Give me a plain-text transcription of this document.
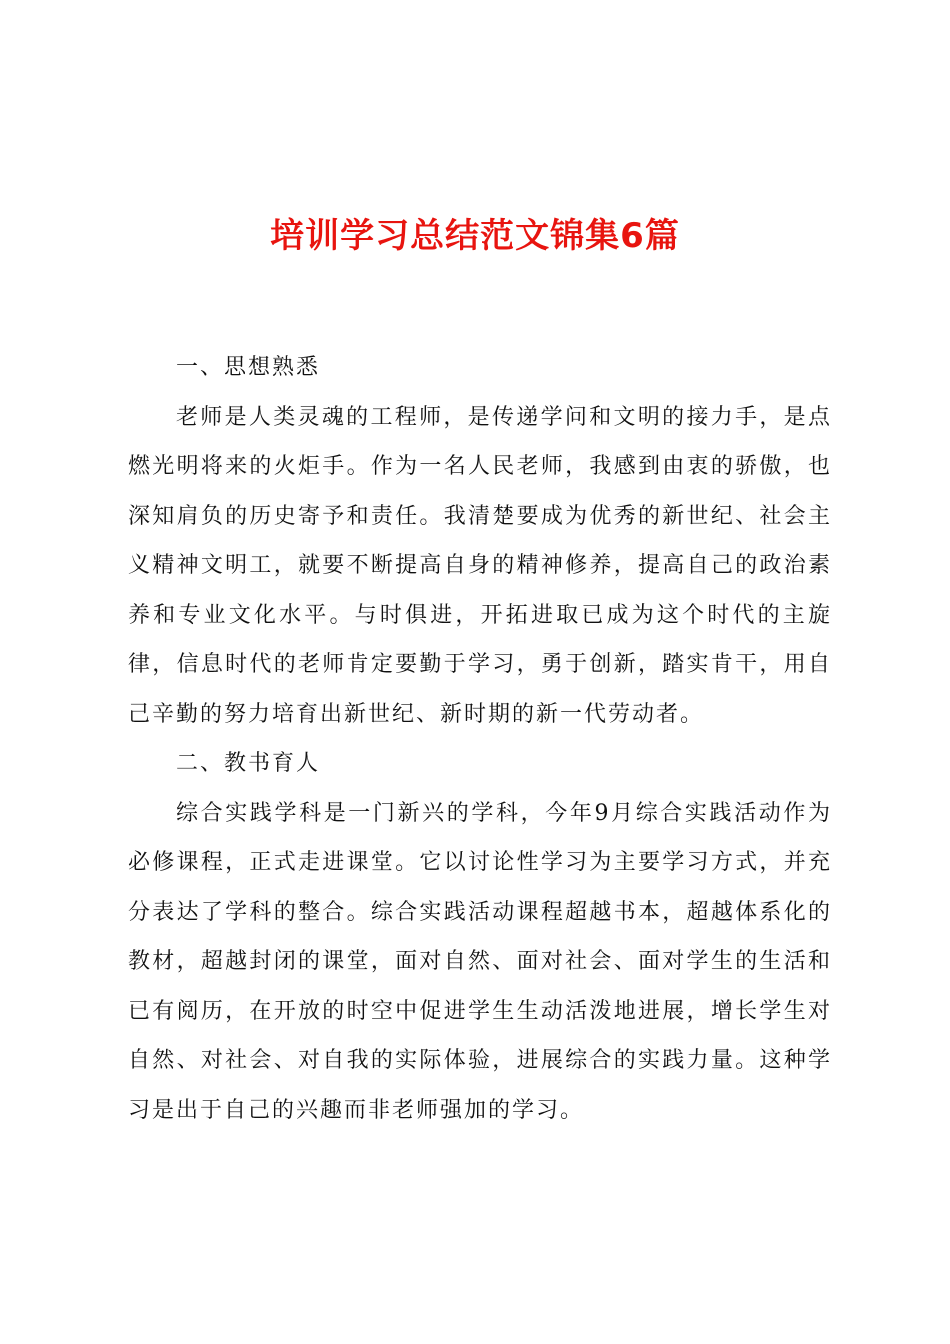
培训学习总结范文锦集6篇

一、思想熟悉

老师是人类灵魂的工程师，是传递学问和文明的接力手，是点燃光明将来的火炬手。作为一名人民老师，我感到由衷的骄傲，也深知肩负的历史寄予和责任。我清楚要成为优秀的新世纪、社会主义精神文明工，就要不断提高自身的精神修养，提高自己的政治素养和专业文化水平。与时俱进，开拓进取已成为这个时代的主旋律，信息时代的老师肯定要勤于学习，勇于创新，踏实肯干，用自己辛勤的努力培育出新世纪、新时期的新一代劳动者。

二、教书育人

综合实践学科是一门新兴的学科，今年9月综合实践活动作为必修课程，正式走进课堂。它以讨论性学习为主要学习方式，并充分表达了学科的整合。综合实践活动课程超越书本，超越体系化的教材，超越封闭的课堂，面对自然、面对社会、面对学生的生活和已有阅历，在开放的时空中促进学生生动活泼地进展，增长学生对自然、对社会、对自我的实际体验，进展综合的实践力量。这种学习是出于自己的兴趣而非老师强加的学习。
